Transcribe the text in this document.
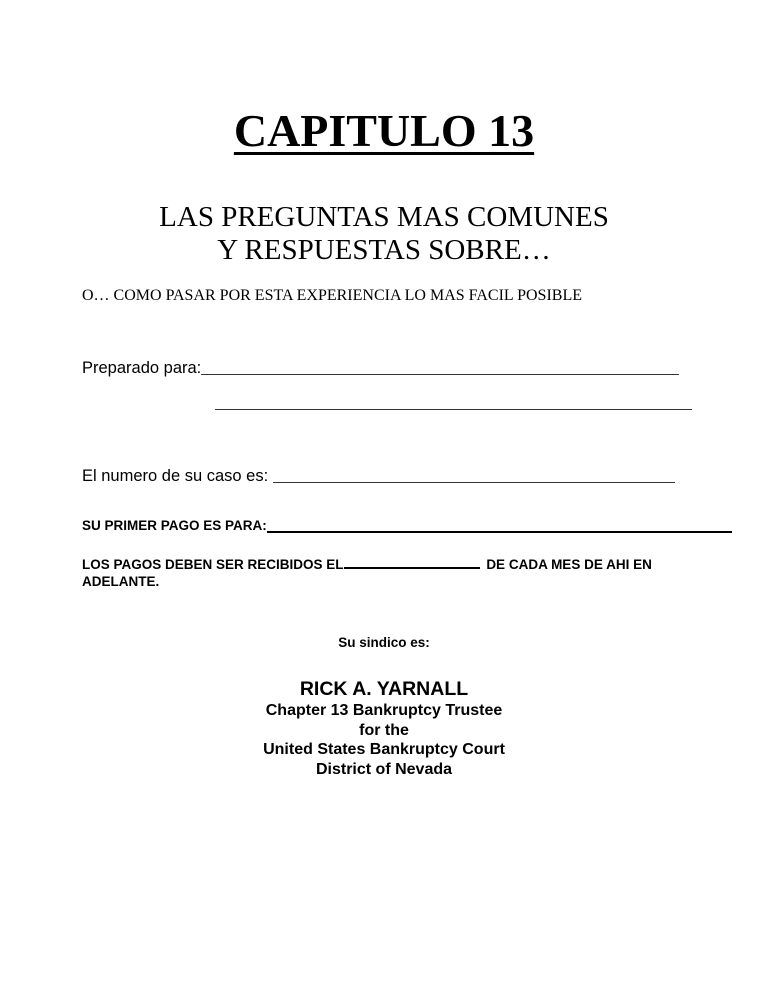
CAPITULO 13
LAS PREGUNTAS MAS COMUNES
Y RESPUESTAS SOBRE…
O… COMO PASAR POR ESTA EXPERIENCIA LO MAS FACIL POSIBLE
Preparado para:
El numero de su caso es:
SU PRIMER PAGO ES PARA:
LOS PAGOS DEBEN SER RECIBIDOS EL	DE CADA MES DE AHI EN ADELANTE.
Su sindico es:
RICK A. YARNALL
Chapter 13 Bankruptcy Trustee
for the
United States Bankruptcy Court
District of Nevada
